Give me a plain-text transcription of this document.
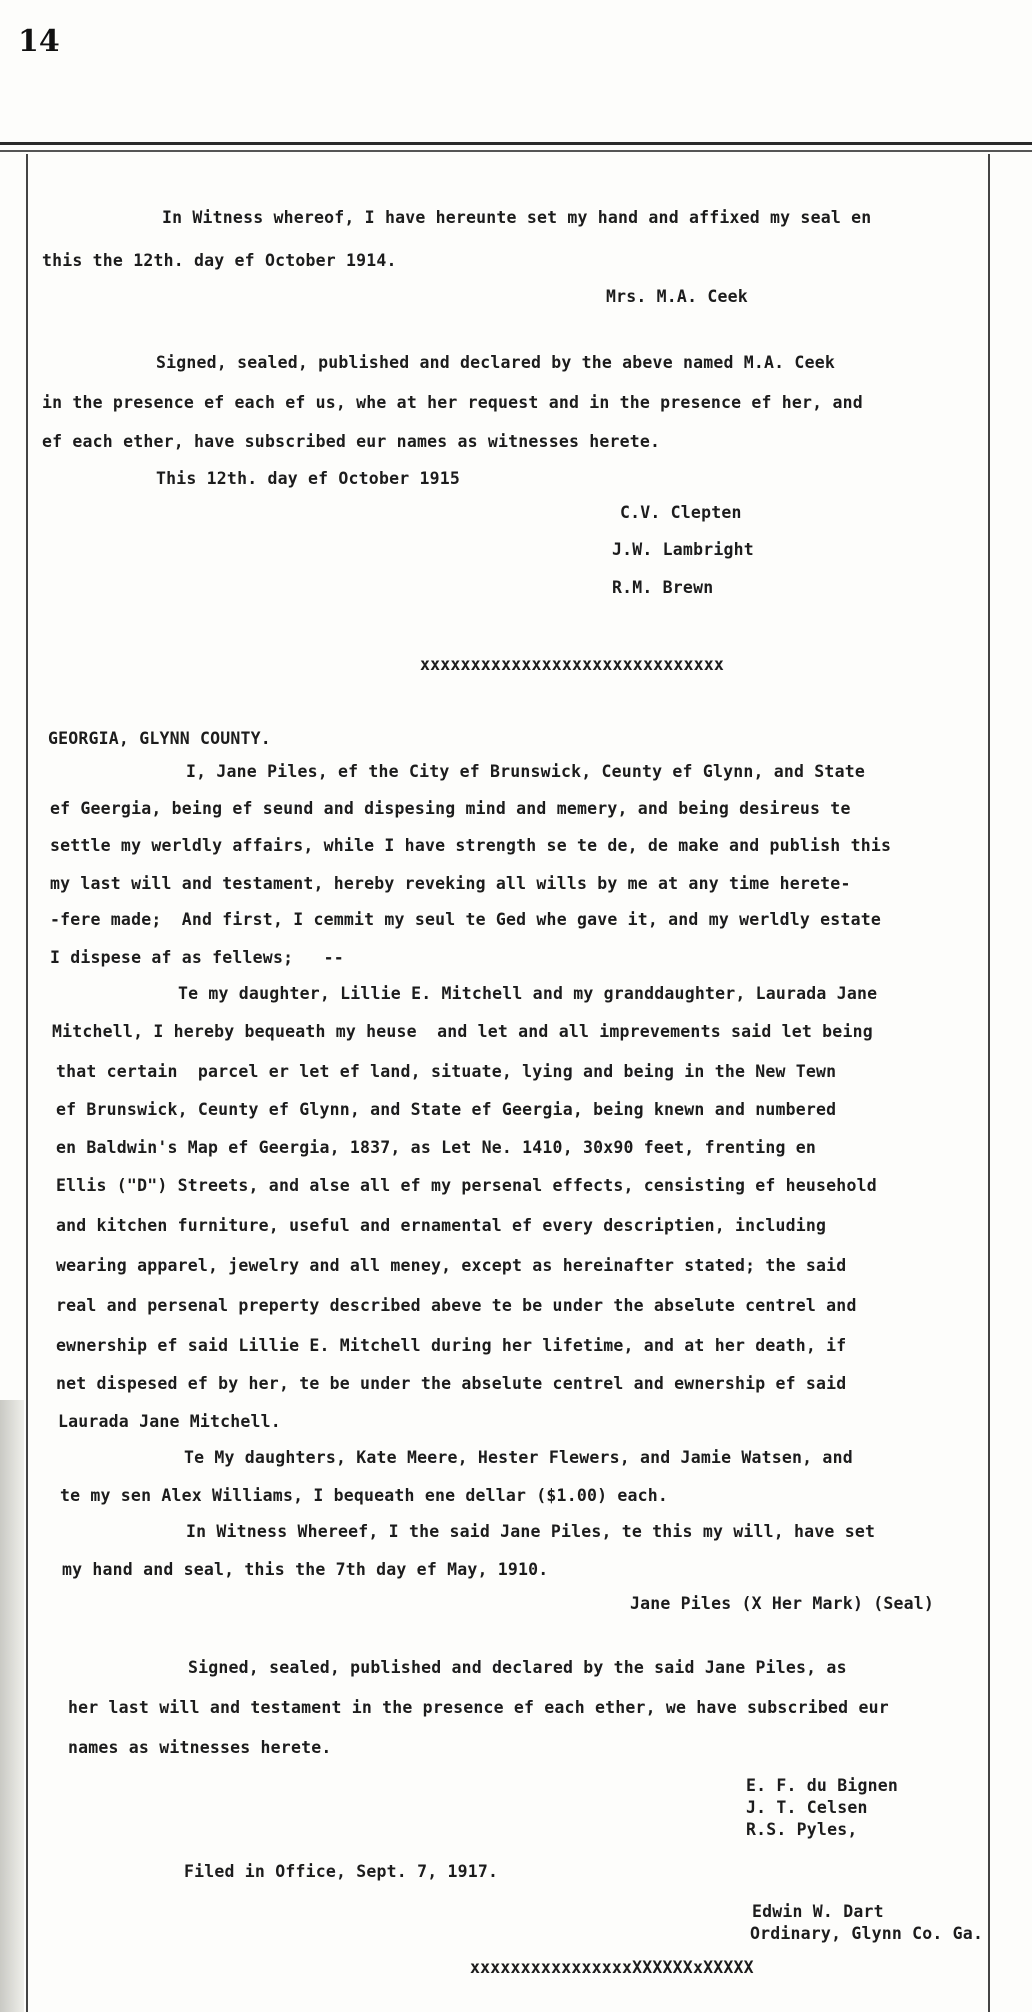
14
In Witness whereof, I have hereunte set my hand and affixed my seal en
this the 12th. day ef October 1914.
Mrs. M.A. Ceek
Signed, sealed, published and declared by the abeve named M.A. Ceek
in the presence ef each ef us, whe at her request and in the presence ef her, and
ef each ether, have subscribed eur names as witnesses herete.
This 12th. day ef October 1915
C.V. Clepten
J.W. Lambright
R.M. Brewn
xxxxxxxxxxxxxxxxxxxxxxxxxxxxxx
GEORGIA, GLYNN COUNTY.
I, Jane Piles, ef the City ef Brunswick, Ceunty ef Glynn, and State
ef Geergia, being ef seund and dispesing mind and memery, and being desireus te
settle my werldly affairs, while I have strength se te de, de make and publish this
my last will and testament, hereby reveking all wills by me at any time herete-
-fere made;  And first, I cemmit my seul te Ged whe gave it, and my werldly estate
I dispese af as fellews;   --
Te my daughter, Lillie E. Mitchell and my granddaughter, Laurada Jane
Mitchell, I hereby bequeath my heuse  and let and all imprevements said let being
that certain  parcel er let ef land, situate, lying and being in the New Tewn
ef Brunswick, Ceunty ef Glynn, and State ef Geergia, being knewn and numbered
en Baldwin's Map ef Geergia, 1837, as Let Ne. 1410, 30x90 feet, frenting en
Ellis ("D") Streets, and alse all ef my persenal effects, censisting ef heusehold
and kitchen furniture, useful and ernamental ef every descriptien, including
wearing apparel, jewelry and all meney, except as hereinafter stated; the said
real and persenal preperty described abeve te be under the abselute centrel and
ewnership ef said Lillie E. Mitchell during her lifetime, and at her death, if
net dispesed ef by her, te be under the abselute centrel and ewnership ef said
Laurada Jane Mitchell.
Te My daughters, Kate Meere, Hester Flewers, and Jamie Watsen, and
te my sen Alex Williams, I bequeath ene dellar ($1.00) each.
In Witness Whereef, I the said Jane Piles, te this my will, have set
my hand and seal, this the 7th day ef May, 1910.
Jane Piles (X Her Mark) (Seal)
Signed, sealed, published and declared by the said Jane Piles, as
her last will and testament in the presence ef each ether, we have subscribed eur
names as witnesses herete.
E. F. du Bignen
J. T. Celsen
R.S. Pyles,
Filed in Office, Sept. 7, 1917.
Edwin W. Dart
Ordinary, Glynn Co. Ga.
xxxxxxxxxxxxxxxxXXXXXXxXXXXX
